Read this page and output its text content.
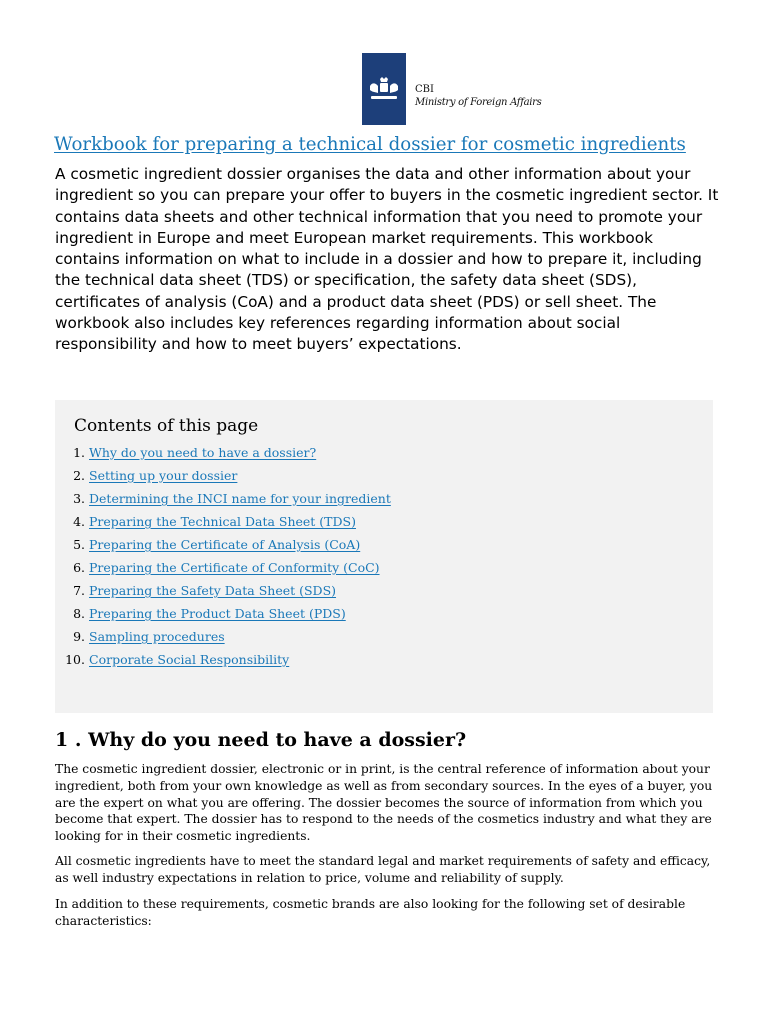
CBI
Ministry of Foreign Affairs
Workbook for preparing a technical dossier for cosmetic ingredients

A cosmetic ingredient dossier organises the data and other information about your ingredient so you can prepare your offer to buyers in the cosmetic ingredient sector. It contains data sheets and other technical information that you need to promote your ingredient in Europe and meet European market requirements. This workbook contains information on what to include in a dossier and how to prepare it, including the technical data sheet (TDS) or specification, the safety data sheet (SDS), certificates of analysis (CoA) and a product data sheet (PDS) or sell sheet. The workbook also includes key references regarding information about social responsibility and how to meet buyers’ expectations.

Contents of this page
1. Why do you need to have a dossier?
2. Setting up your dossier
3. Determining the INCI name for your ingredient
4. Preparing the Technical Data Sheet (TDS)
5. Preparing the Certificate of Analysis (CoA)
6. Preparing the Certificate of Conformity (CoC)
7. Preparing the Safety Data Sheet (SDS)
8. Preparing the Product Data Sheet (PDS)
9. Sampling procedures
10. Corporate Social Responsibility
1 . Why do you need to have a dossier?

The cosmetic ingredient dossier, electronic or in print, is the central reference of information about your ingredient, both from your own knowledge as well as from secondary sources. In the eyes of a buyer, you are the expert on what you are offering. The dossier becomes the source of information from which you become that expert. The dossier has to respond to the needs of the cosmetics industry and what they are looking for in their cosmetic ingredients.

All cosmetic ingredients have to meet the standard legal and market requirements of safety and efficacy, as well industry expectations in relation to price, volume and reliability of supply.

In addition to these requirements, cosmetic brands are also looking for the following set of desirable characteristics:
